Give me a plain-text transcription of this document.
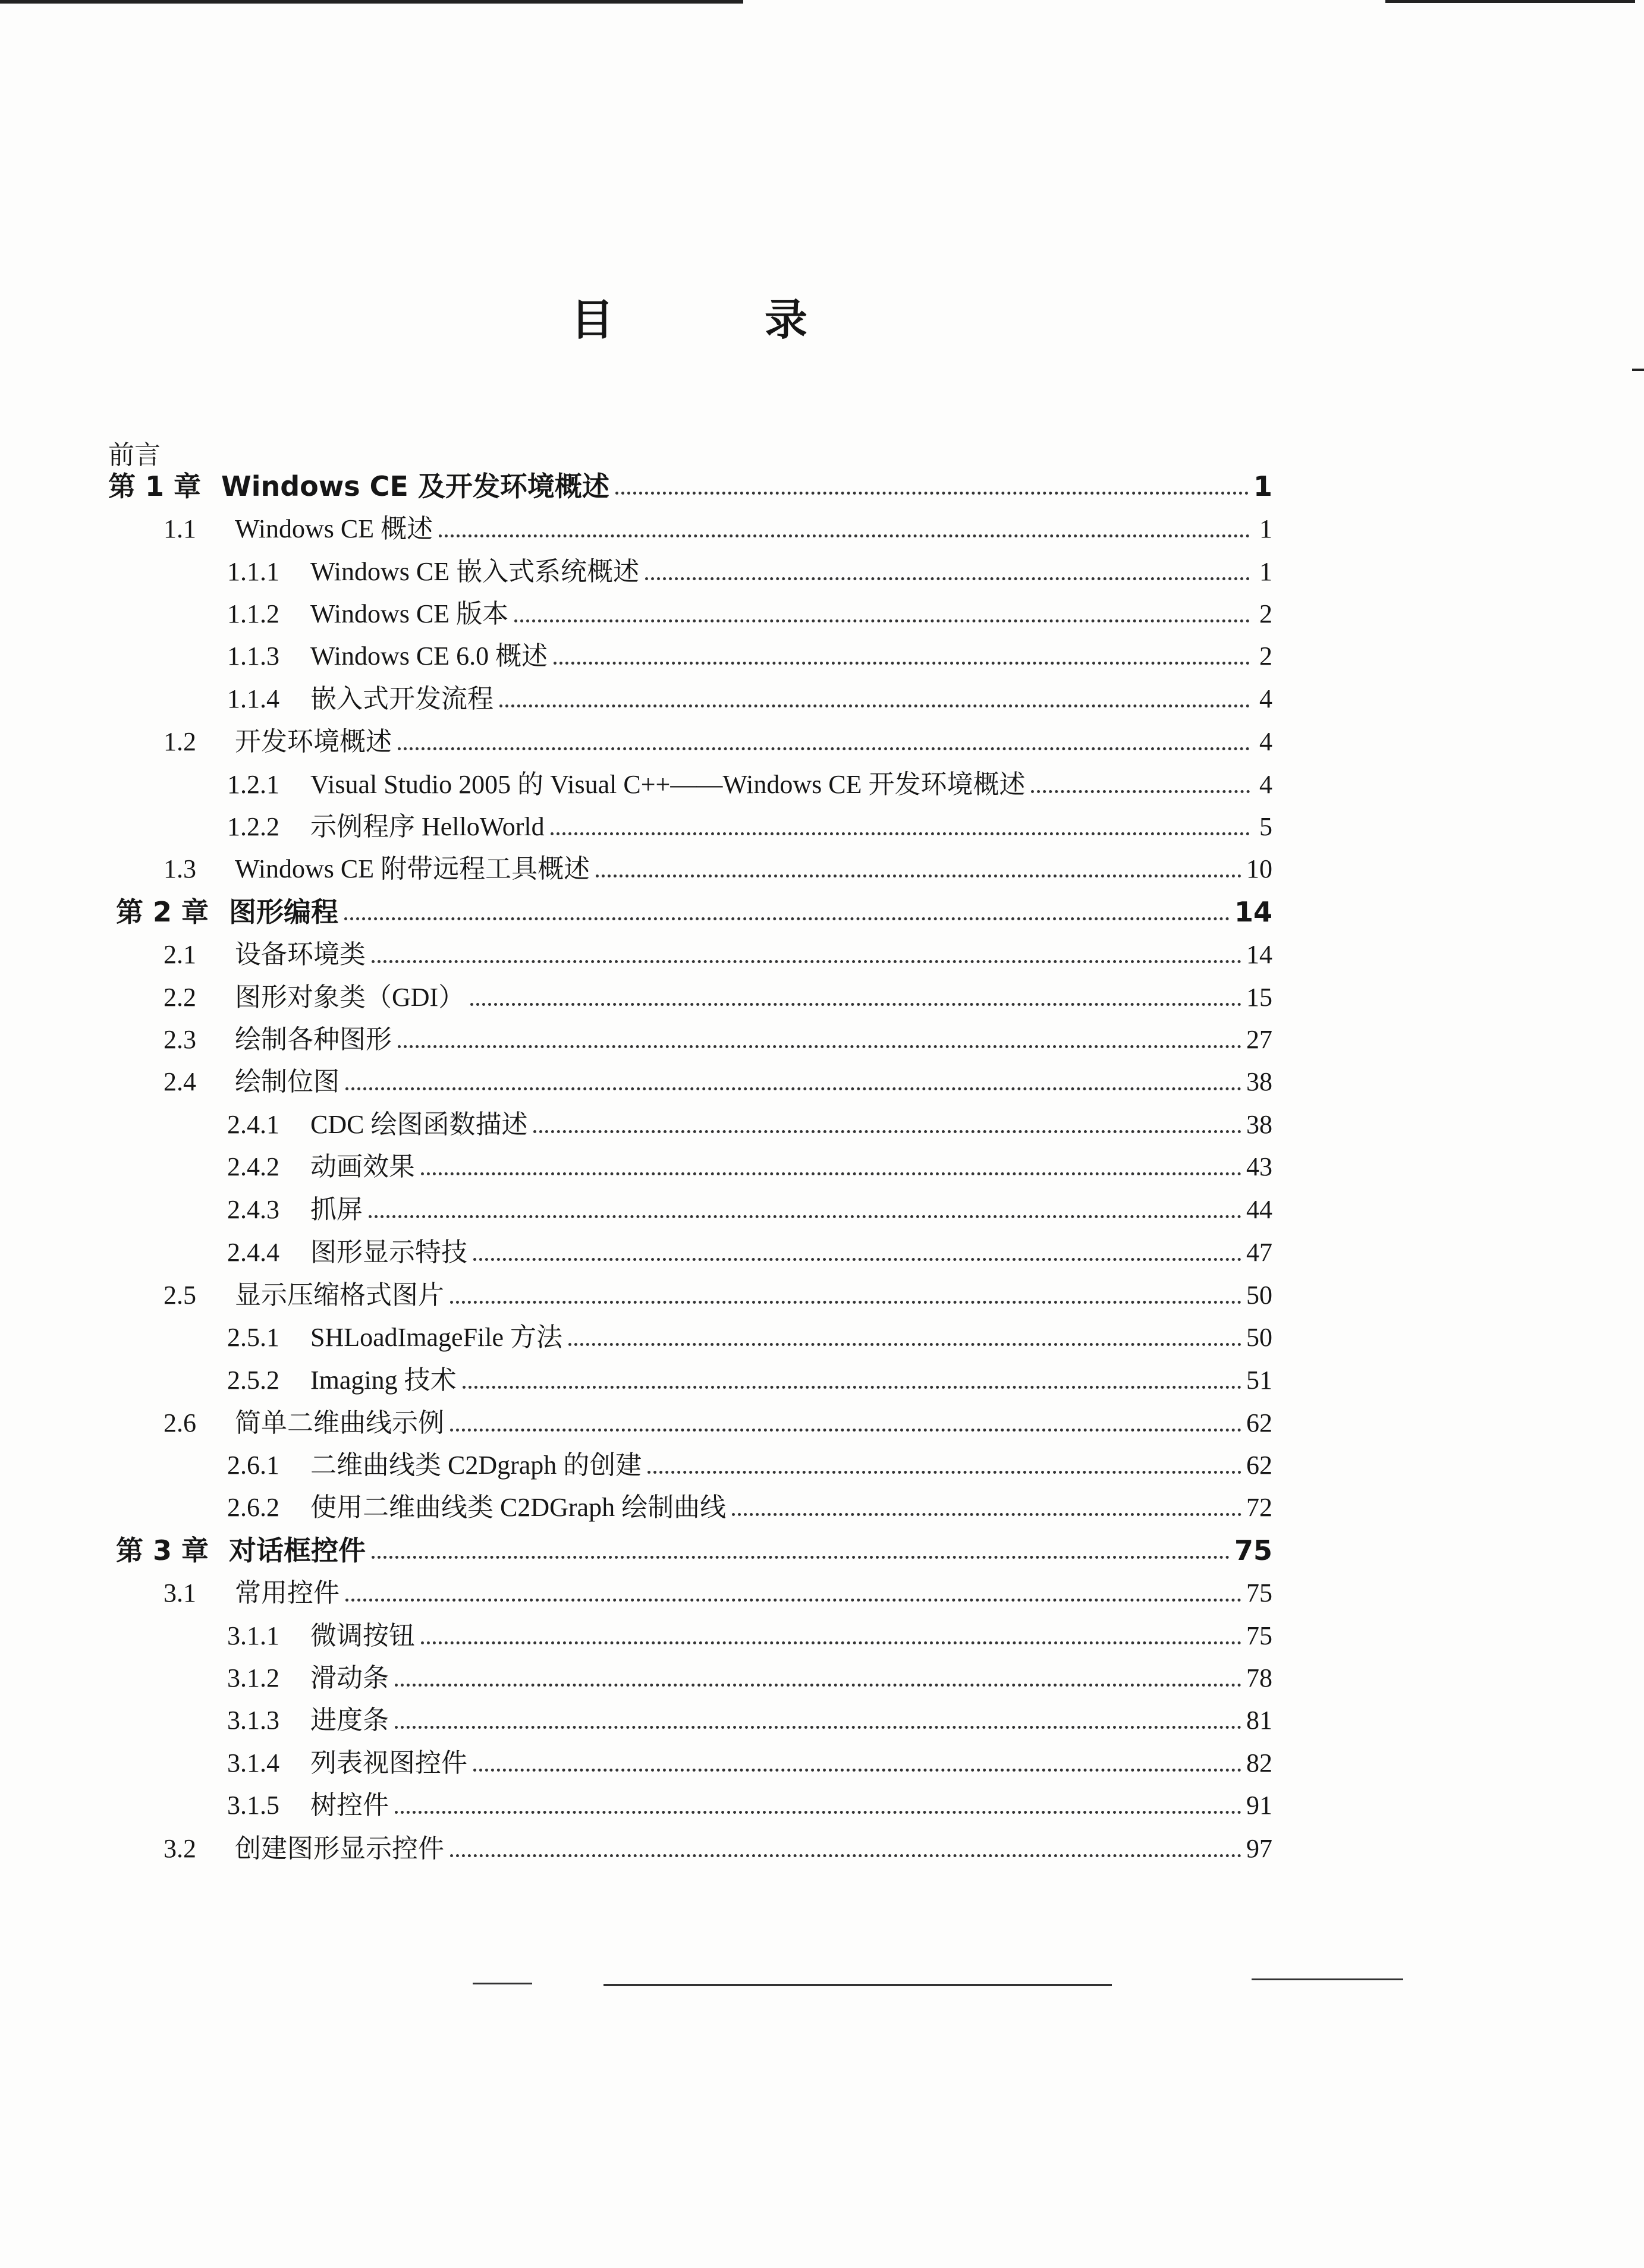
目	录
前言
第 1 章 Windows CE 及开发环境概述	1
1.1	Windows CE 概述	1
1.1.1	Windows CE 嵌入式系统概述	1
1.1.2	Windows CE 版本	2
1.1.3	Windows CE 6.0 概述	2
1.1.4	嵌入式开发流程	4
1.2	开发环境概述	4
1.2.1	Visual Studio 2005 的 Visual C++——Windows CE 开发环境概述	4
1.2.2	示例程序 HelloWorld	5
1.3	Windows CE 附带远程工具概述	10
第 2 章 图形编程	14
2.1	设备环境类	14
2.2	图形对象类（GDI）	15
2.3	绘制各种图形	27
2.4	绘制位图	38
2.4.1	CDC 绘图函数描述	38
2.4.2	动画效果	43
2.4.3	抓屏	44
2.4.4	图形显示特技	47
2.5	显示压缩格式图片	50
2.5.1	SHLoadImageFile 方法	50
2.5.2	Imaging 技术	51
2.6	简单二维曲线示例	62
2.6.1	二维曲线类 C2Dgraph 的创建	62
2.6.2	使用二维曲线类 C2DGraph 绘制曲线	72
第 3 章 对话框控件	75
3.1	常用控件	75
3.1.1	微调按钮	75
3.1.2	滑动条	78
3.1.3	进度条	81
3.1.4	列表视图控件	82
3.1.5	树控件	91
3.2	创建图形显示控件	97
